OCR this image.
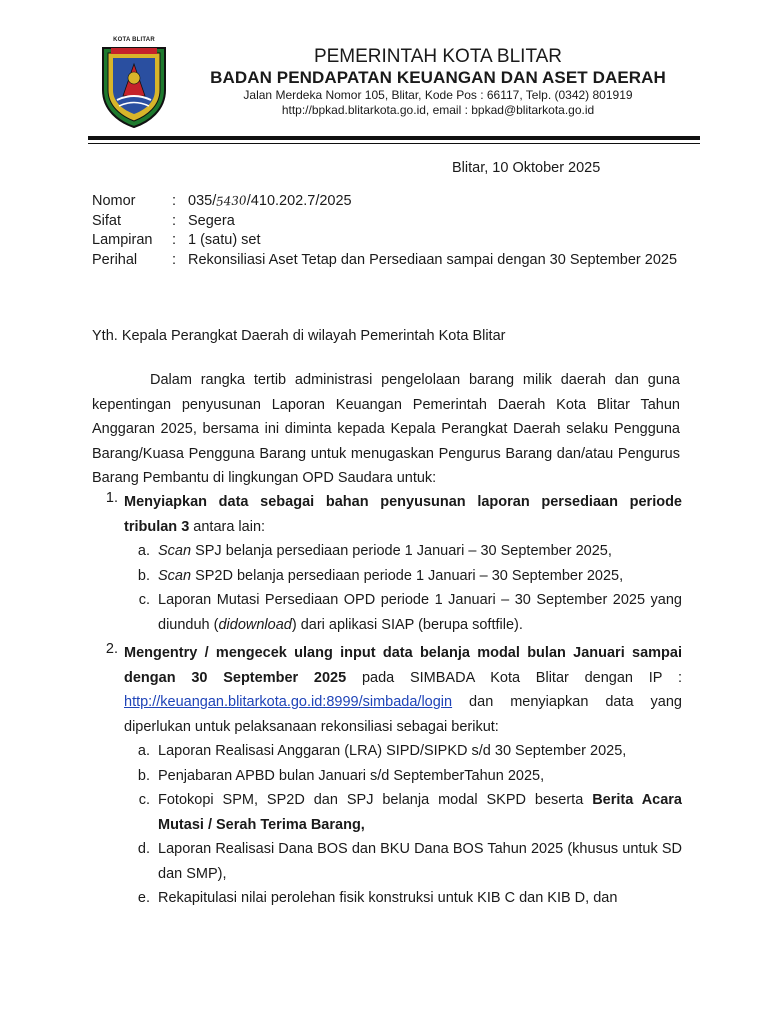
KOTA BLITAR
PEMERINTAH KOTA BLITAR
BADAN PENDAPATAN KEUANGAN DAN ASET DAERAH
Jalan Merdeka Nomor 105, Blitar, Kode Pos : 66117, Telp. (0342) 801919
http://bpkad.blitarkota.go.id, email : bpkad@blitarkota.go.id
Blitar, 10 Oktober 2025
Nomor	: 035/5430/410.202.7/2025
Sifat	: Segera
Lampiran	: 1 (satu) set
Perihal	: Rekonsiliasi Aset Tetap dan Persediaan sampai dengan 30 September 2025
Yth. Kepala Perangkat Daerah di wilayah Pemerintah Kota Blitar
Dalam rangka tertib administrasi pengelolaan barang milik daerah dan guna kepentingan penyusunan Laporan Keuangan Pemerintah Daerah Kota Blitar Tahun Anggaran 2025, bersama ini diminta kepada Kepala Perangkat Daerah selaku Pengguna Barang/Kuasa Pengguna Barang untuk menugaskan Pengurus Barang dan/atau Pengurus Barang Pembantu di lingkungan OPD Saudara untuk:
1. Menyiapkan data sebagai bahan penyusunan laporan persediaan periode tribulan 3 antara lain:
a. Scan SPJ belanja persediaan periode 1 Januari – 30 September 2025,
b. Scan SP2D belanja persediaan periode 1 Januari – 30 September 2025,
c. Laporan Mutasi Persediaan OPD periode 1 Januari – 30 September 2025 yang diunduh (didownload) dari aplikasi SIAP (berupa softfile).
2. Mengentry / mengecek ulang input data belanja modal bulan Januari sampai dengan 30 September 2025 pada SIMBADA Kota Blitar dengan IP : http://keuangan.blitarkota.go.id:8999/simbada/login dan menyiapkan data yang diperlukan untuk pelaksanaan rekonsiliasi sebagai berikut:
a. Laporan Realisasi Anggaran (LRA) SIPD/SIPKD s/d 30 September 2025,
b. Penjabaran APBD bulan Januari s/d SeptemberTahun 2025,
c. Fotokopi SPM, SP2D dan SPJ belanja modal SKPD beserta Berita Acara Mutasi / Serah Terima Barang,
d. Laporan Realisasi Dana BOS dan BKU Dana BOS Tahun 2025 (khusus untuk SD dan SMP),
e. Rekapitulasi nilai perolehan fisik konstruksi untuk KIB C dan KIB D, dan
